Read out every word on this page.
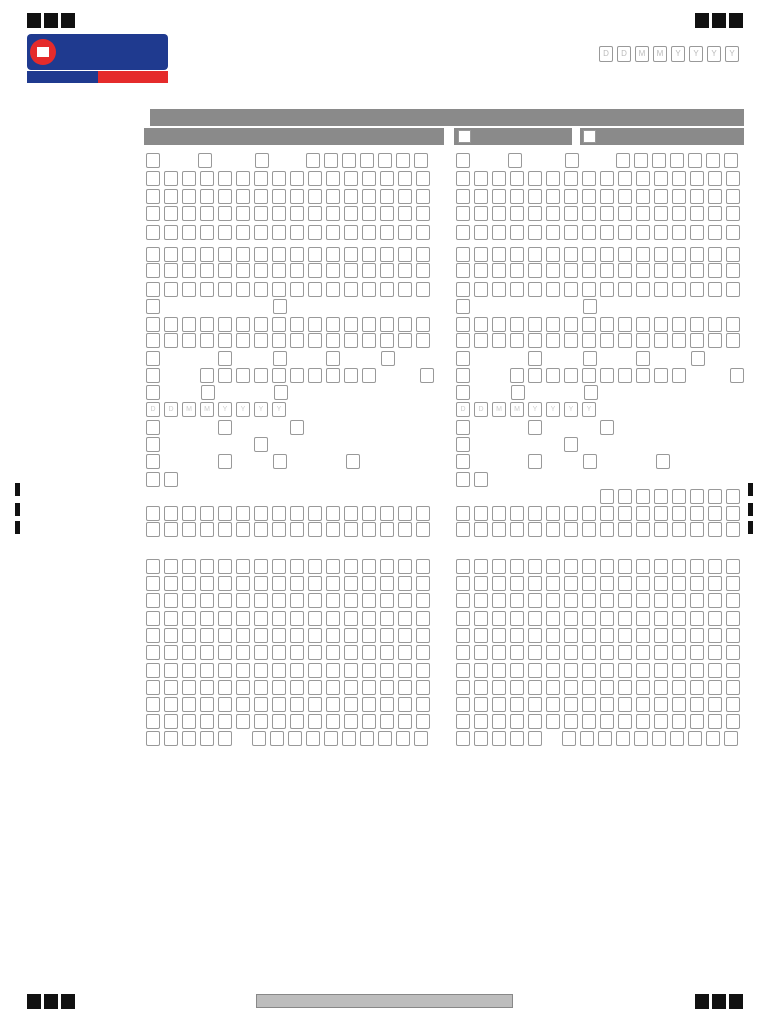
D	D	M	M	Y	Y	Y	Y
D	D	M	M	Y	Y	Y	Y	D	D	M	M	Y	Y	Y	Y
